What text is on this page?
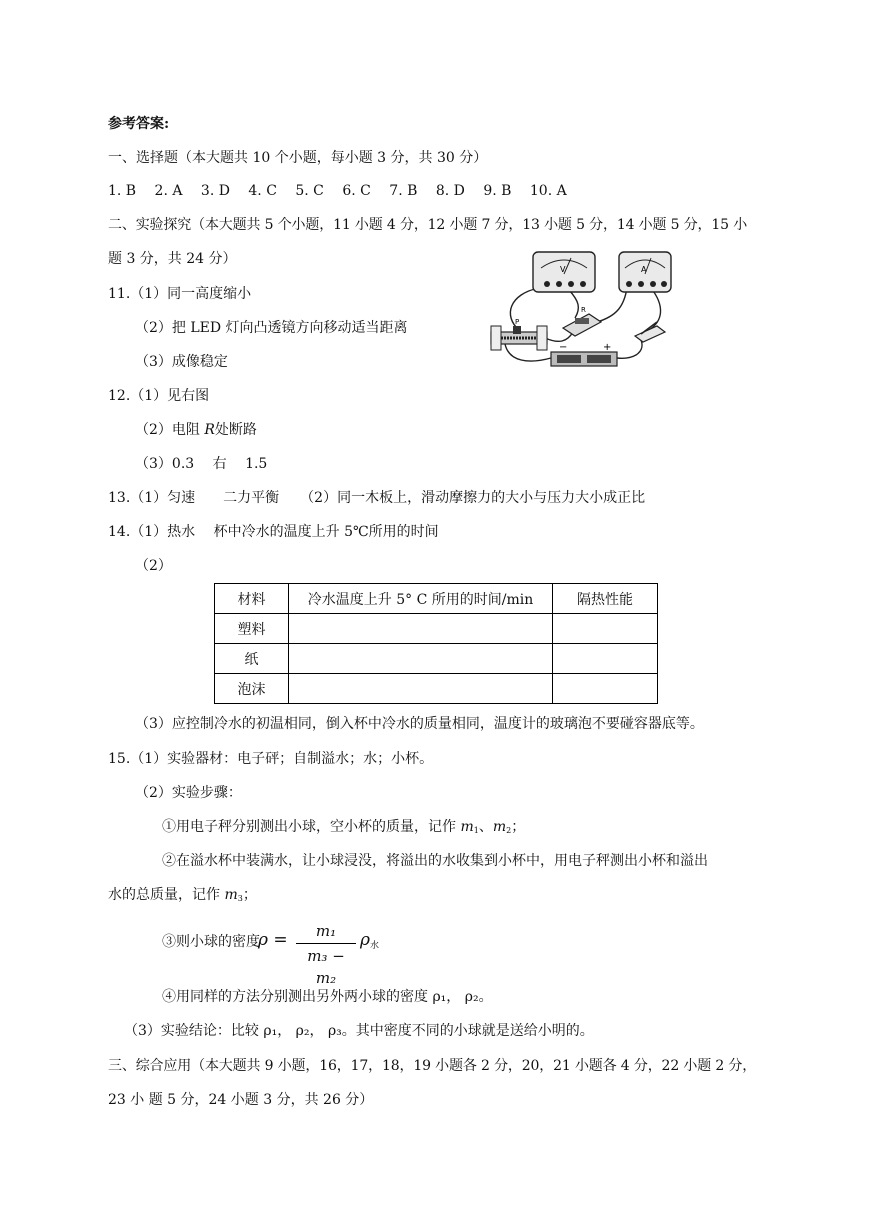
参考答案:
一、选择题（本大题共 10 个小题，每小题 3 分，共 30 分）
1. B　 2. A　 3. D　 4. C　 5. C　 6. C　 7. B　 8. D　 9. B　 10. A
二、实验探究（本大题共 5 个小题，11 小题 4 分，12 小题 7 分，13 小题 5 分，14 小题 5 分，15 小
题 3 分，共 24 分）
11.（1）同一高度缩小
（2）把 LED 灯向凸透镜方向移动适当距离
（3）成像稳定
V	A
R
P
−	+
12.（1）见右图
（2）电阻 R处断路
（3）0.3　 右　 1.5
13.（1）匀速　　二力平衡　　（2）同一木板上，滑动摩擦力的大小与压力大小成正比
14.（1）热水　 杯中冷水的温度上升 5℃所用的时间
（2）
材料	冷水温度上升 5° C 所用的时间/min	隔热性能
塑料		
纸		
泡沫		
（3）应控制冷水的初温相同，倒入杯中冷水的质量相同，温度计的玻璃泡不要碰容器底等。
15.（1）实验器材：电子砰；自制溢水；水；小杯。
（2）实验步骤：
①用电子秤分别测出小球，空小杯的质量，记作 $m_1$、$m_2$；
②在溢水杯中装满水，让小球浸没，将溢出的水收集到小杯中，用电子秤测出小杯和溢出
水的总质量，记作 $m_3$；
③则小球的密度
ρ =	m₁
m₃ − m₂
$\rho_水$
④用同样的方法分别测出另外两小球的密度 ρ₁， ρ₂。
（3）实验结论：比较 ρ₁， ρ₂， ρ₃。其中密度不同的小球就是送给小明的。
三、综合应用（本大题共 9 小题，16，17，18，19 小题各 2 分，20，21 小题各 4 分，22 小题 2 分，
23 小 题 5 分，24 小题 3 分，共 26 分）
